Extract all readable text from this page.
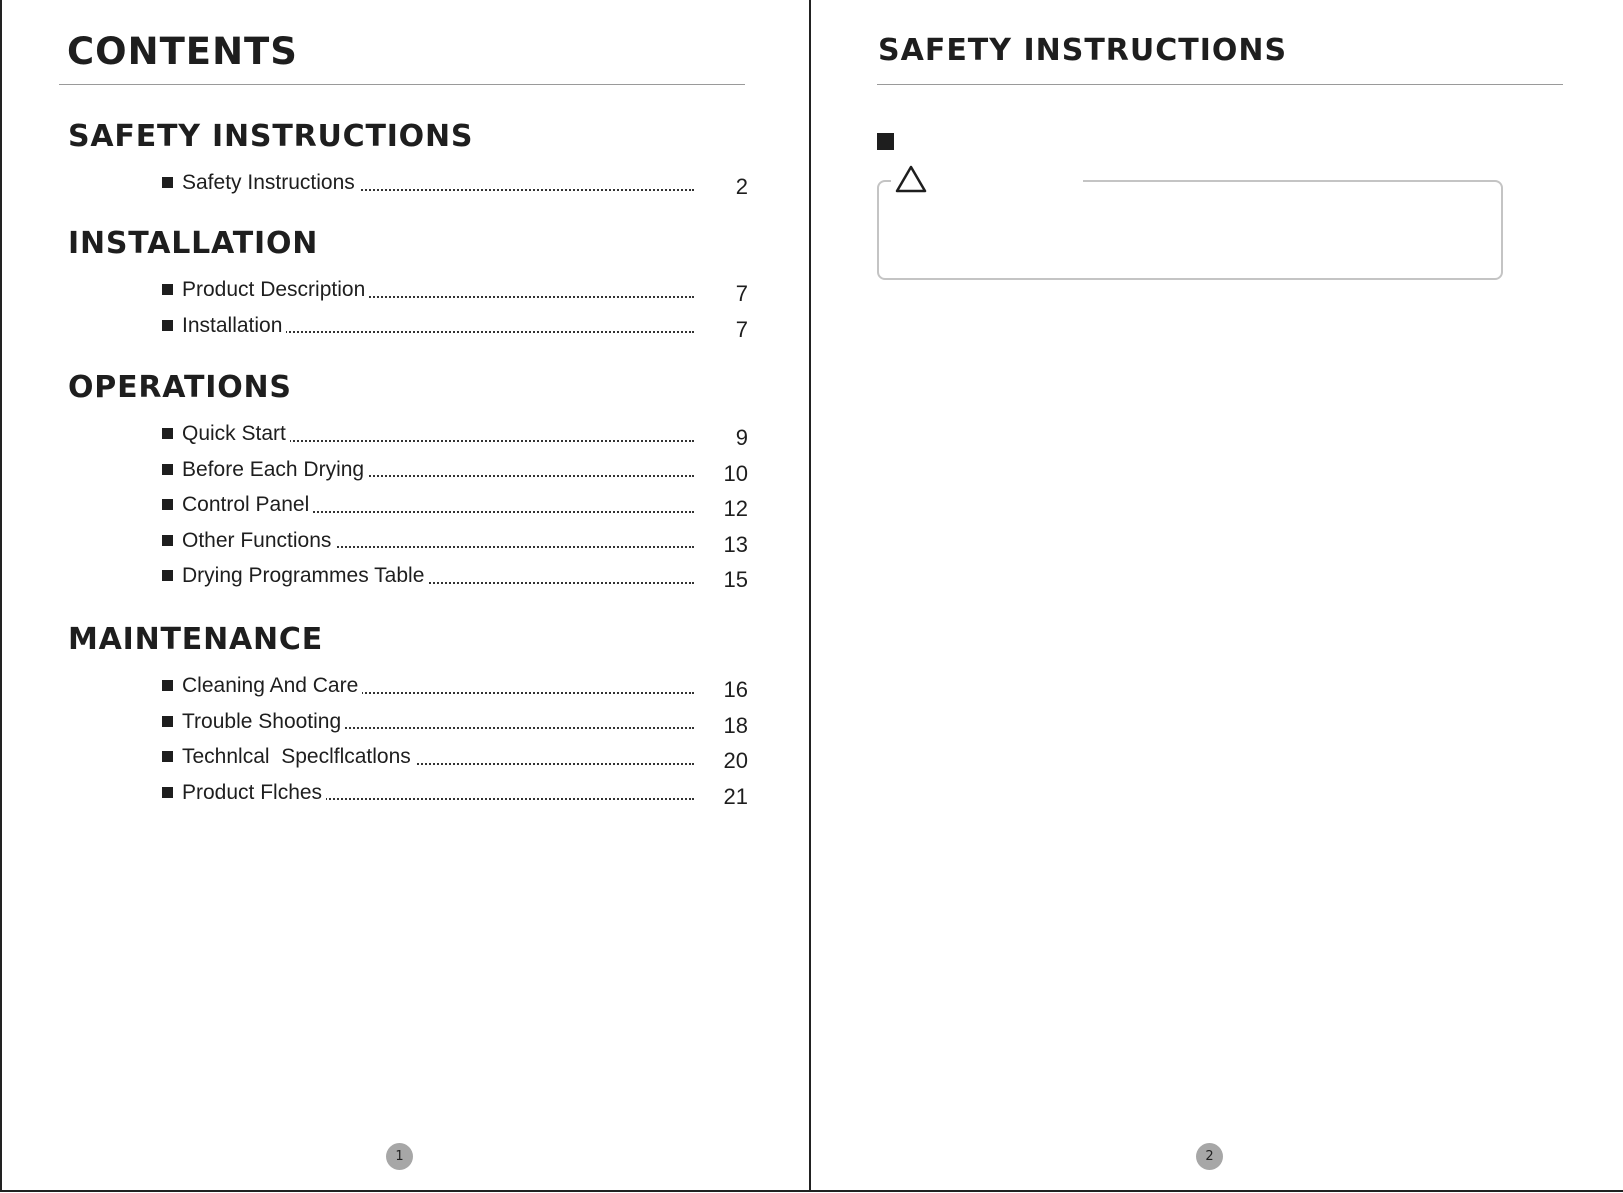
CONTENTS
SAFETY INSTRUCTIONS
Safety Instructions	2
INSTALLATION
Product Description	7
Installation	7
OPERATIONS
Quick Start	9
Before Each Drying	10
Control Panel	12
Other Functions	13
Drying Programmes Table	15
MAINTENANCE
Cleaning And Care	16
Trouble Shooting	18
Technlcal  Speclflcatlons	20
Product Flches	21
1
SAFETY INSTRUCTIONS
2
